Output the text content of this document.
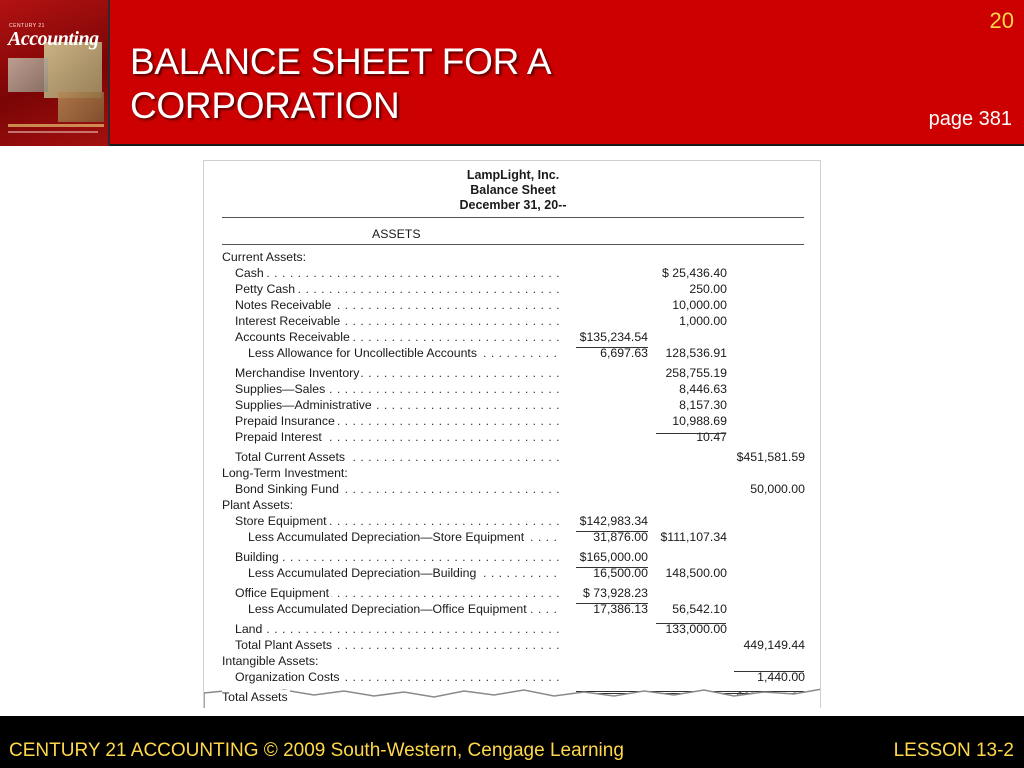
CENTURY 21
Accounting
BALANCE SHEET FOR A
CORPORATION
20
page 381
LampLight, Inc.
Balance Sheet
December 31, 20--
ASSETS
Current Assets:
Cash . . .	$ 25,436.40
Petty Cash . . .	250.00
Notes Receivable . . .	10,000.00
Interest Receivable . . .	1,000.00
Accounts Receivable . . .	$135,234.54
Less Allowance for Uncollectible Accounts . . .	6,697.63	128,536.91
Merchandise Inventory . . .	258,755.19
Supplies—Sales . . .	8,446.63
Supplies—Administrative . . .	8,157.30
Prepaid Insurance . . .	10,988.69
Prepaid Interest . . .	10.47
Total Current Assets . . .	$451,581.59
Long-Term Investment:
Bond Sinking Fund . . .	50,000.00
Plant Assets:
Store Equipment . . .	$142,983.34
Less Accumulated Depreciation—Store Equipment . . .	31,876.00	$111,107.34
Building . . .	$165,000.00
Less Accumulated Depreciation—Building . . .	16,500.00	148,500.00
Office Equipment . . .	$ 73,928.23
Less Accumulated Depreciation—Office Equipment . . .	17,386.13	56,542.10
Land . . .	133,000.00
Total Plant Assets . . .	449,149.44
Intangible Assets:
Organization Costs . . .	1,440.00
Total Assets . . .
CENTURY 21 ACCOUNTING © 2009 South-Western, Cengage Learning	LESSON 13-2
